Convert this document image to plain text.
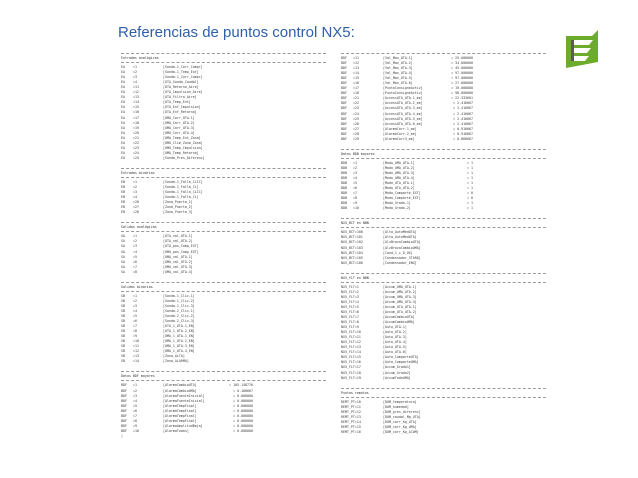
Referencias de puntos control NX5:
Entradas analógicas
EA =1	[Sonda-1_Corr_Compr]
EA =2	[Sonda-1_Temp_Ext]
EA =3	[Sonda-1_Corr_Compr]
EA =4	[UTA_Sonda_Caudal]
EA =11	[UTA_Retorno_Aire]
EA =12	[UTA_Impulsion_Aire]
EA =13	[UTA_Filtro_Aire]
EA =14	[UTA_Temp_Ext]
EA =15	[UTA_Enf_Impulsion]
EA =16	[UTA_Enf_Retorno]
EA =17	[UMA_Corr_UTA-1]
EA =18	[UMA_Corr_UTA-2]
EA =19	[UMA_Corr_UTA-3]
EA =20	[UMA_Corr_UTA-4]
EA =21	[UMA_Temp_Ext_Zona]
EA =22	[UMA_Clim_Zona_Zona]
EA =23	[UMA_Temp_Impulsion]
EA =24	[UMA_Temp_Retorno]
EA =25	[Sonda_Pres_Diferenc]
Entradas binarias
EB =1	[Sonda-1_Falla_CLIC]
EB =2	[Sonda-1_Falla_CL]
EB =3	[Sonda-1_Falla_CLIC]
EB =4	[Sonda-1_Falla_CL]
EB =26	[Zona_Puerta_1]
EB =27	[Zona_Puerta_2]
EB =28	[Zona_Puerta_3]
Salidas analógicas
SA =1	[UTA_val_UTA-1]
SA =2	[UTA_val_UTA-2]
SA =3	[UTA_pos_Comp_EXT]
SA =4	[UMA_pos_Comp_EXT]
SA =5	[UMA_val_UTA-1]
SA =6	[UMA_val_UTA-2]
SA =7	[UMA_val_UTA-3]
SA =8	[UMA_val_UTA-4]
Salidas binarias
SB =1	[Sonda-1_Clic-1]
SB =2	[Sonda-1_Clic-2]
SB =3	[Sonda-1_Clic-3]
SB =4	[Sonda-2_Clic-1]
SB =5	[Sonda-2_Clic-2]
SB =6	[Sonda-2_Clic-3]
SB =7	[UTA_1_UTA-1_EN]
SB =8	[UTA_1_UTA-2_EN]
SB =9	[UMA_1_UTA-1_EN]
SB =10	[UMA_1_UTA-2_EN]
SB =11	[UMA_1_UTA-3_EN]
SB =12	[UMA_1_UTA-4_EN]
SB =13	[Zona_ALTA]
SB =14	[Zona_ALARMA]
Datos BDF mayores
BDF =1	[AlarmaCambioUTA]	= 105.148776
BDF =2	[AlarmaCambioUMA]	= 0.166667
BDF =3	[AlarmaFuenteInicial]	= 0.000000
BDF =4	[AlarmaFuenteInicial]	= 0.000000
BDF =5	[AlarmaTempFinal]	= 0.000000
BDF =6	[AlarmaTempFinal]	= 0.000000
BDF =7	[AlarmaTempFinal]	= 0.000000
BDF =8	[AlarmaTempFinal]	= 0.000000
BDF =9	[AlarmaAmplitudBaja]	= 0.000000
BDF =10	[AlarmaTodos]	= 0.000000
|
BDF =11	[Val_Max_UTA-1]	= 25.000000
BDF =12	[Val_Max_UTA-2]	= 34.000000
BDF =13	[Val_Max_UTA-3]	= 45.000000
BDF =14	[Val_Max_UTA-4]	= 97.000000
BDF =15	[Val_Max_UTA-5]	= 97.000000
BDF =16	[Val_Max_UTA-6]	= 27.000000
BDF =17	[PuntoConsigneActiv]	= 19.000000
BDF =18	[PuntoConsigneActiv]	= 98.000000
BDF =21	[AccessUTA_UTA-1_me]	= 22.333601
BDF =22	[AccessUTA_UTA-2_me]	= 2.416667
BDF =23	[AccessUTA_UTA-3_me]	= 2.416667
BDF =24	[AccessUTA_UTA-4_me]	= 2.416667
BDF =25	[AccessUTA_UTA-5_me]	= 2.416667
BDF =26	[AccessUTA_UTA-6_me]	= 2.416667
BDF =27	[AlarmaCorr-1_me]	= 0.916667
BDF =28	[AlarmaCorr-2_me]	= 0.916667
BDF =29	[AlarmaCorr3_me]	= 0.666667
Datos BDB mayores
BDB =1	[Modo_UMA_UTA-1]	= 1
BDB =2	[Modo_UMA_UTA-2]	= 1
BDB =3	[Modo_UMA_UTA-3]	= 1
BDB =4	[Modo_UMA_UTA-4]	= 1
BDB =5	[Modo_UTA_UTA-1]	= 1
BDB =6	[Modo_UTA_UTA-2]	= 1
BDB =7	[Modo_Comparte_EXT]	= 0
BDB =8	[Modo_Comparte_EXT]	= 0
BDB =9	[Modo_Grado-1]	= 1
BDB =10	[Modo_Grado-2]	= 1
NX5_BCT en NBN
NX5_BCT=100	[Alta_AutoMedUTA]
NX5_BCT=101	[Alta_AutoMedUTA]
NX5_BCT=102	[AlzBrazoCambioUTA]
NX5_BCT=103	[AlzBrazoCambioUMA]
NX5_BCT=104	[Cond_1_c_D_UX]
NX5_BCT=105	[Condensador_STARD]
NX5_BCT=106	[Condensador_ENG]
NX5_FLT en NBN
NX5_FLT=1	[Accum_UMA_UTA-1]
NX5_FLT=2	[Accum_UMA_UTA-2]
NX5_FLT=3	[Accum_UMA_UTA-3]
NX5_FLT=4	[Accum_UMA_UTA-4]
NX5_FLT=5	[Accum_UTA_UTA-1]
NX5_FLT=6	[Accum_UTA_UTA-2]
NX5_FLT=7	[AccumCambioUTA]
NX5_FLT=8	[AccumCambioUMA]
NX5_FLT=9	[Auto_UTA-1]
NX5_FLT=10	[Auto_UTA-2]
NX5_FLT=11	[Auto_UTA-3]
NX5_FLT=12	[Auto_UTA-4]
NX5_FLT=13	[Auto_UTA-5]
NX5_FLT=14	[Auto_UTA-6]
NX5_FLT=15	[Auto_ComparteUTA]
NX5_FLT=16	[Auto_ComparteUMA]
NX5_FLT=17	[Accum_Grado1]
NX5_FLT=18	[Accum_Grado2]
NX5_FLT=19	[AccumTodoUMA]
Puntos remotos
REMT_PT=10	[DOM_temperatura]
REMT_PT=11	[DOM_humedad]
REMT_PT=12	[DOM_pres_diferenc]
REMT_PT=13	[DOM_caudal_Mg_UTA]
REMT_PT=14	[DOM_corr_Kg_UTA]
REMT_PT=15	[DOM_corr_Kg_UMA]
REMT_PT=16	[DOM_corr_Kg_ACUM]
